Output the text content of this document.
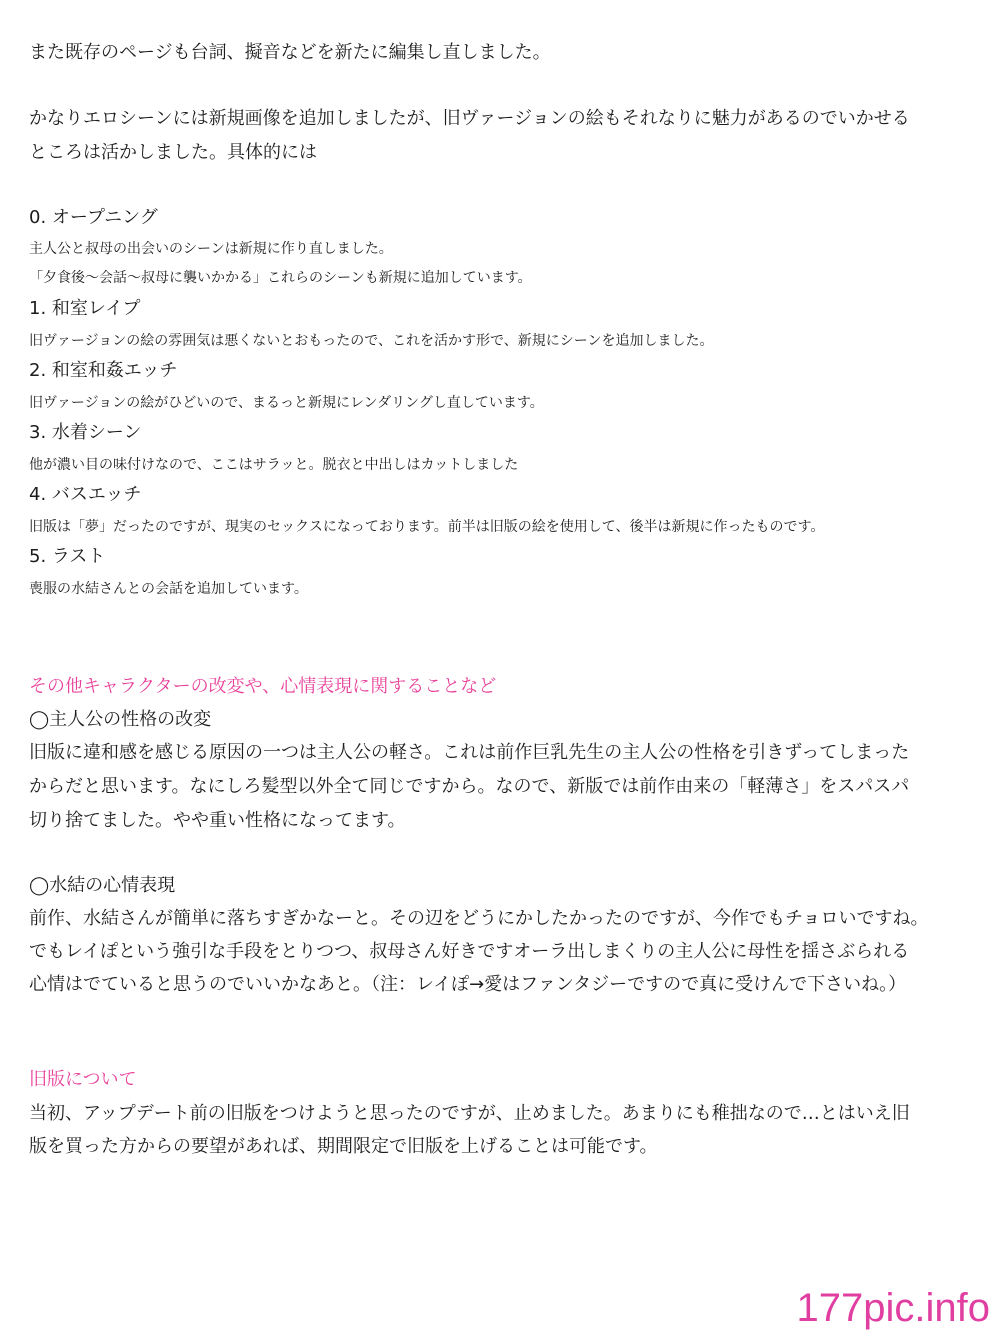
また既存のページも台詞、擬音などを新たに編集し直しました。
かなりエロシーンには新規画像を追加しましたが、旧ヴァージョンの絵もそれなりに魅力があるのでいかせる
ところは活かしました。具体的には
0. オープニング
主人公と叔母の出会いのシーンは新規に作り直しました。
「夕食後〜会話〜叔母に襲いかかる」これらのシーンも新規に追加しています。
1. 和室レイプ
旧ヴァージョンの絵の雰囲気は悪くないとおもったので、これを活かす形で、新規にシーンを追加しました。
2. 和室和姦エッチ
旧ヴァージョンの絵がひどいので、まるっと新規にレンダリングし直しています。
3. 水着シーン
他が濃い目の味付けなので、ここはサラッと。脱衣と中出しはカットしました
4. バスエッチ
旧版は「夢」だったのですが、現実のセックスになっております。前半は旧版の絵を使用して、後半は新規に作ったものです。
5. ラスト
喪服の水結さんとの会話を追加しています。
その他キャラクターの改変や、心情表現に関することなど
◯主人公の性格の改変
旧版に違和感を感じる原因の一つは主人公の軽さ。これは前作巨乳先生の主人公の性格を引きずってしまった
からだと思います。なにしろ髪型以外全て同じですから。なので、新版では前作由来の「軽薄さ」をスパスパ
切り捨てました。やや重い性格になってます。
◯水結の心情表現
前作、水結さんが簡単に落ちすぎかなーと。その辺をどうにかしたかったのですが、今作でもチョロいですね。
でもレイぽという強引な手段をとりつつ、叔母さん好きですオーラ出しまくりの主人公に母性を揺さぶられる
心情はでていると思うのでいいかなあと。（注：レイぽ→愛はファンタジーですので真に受けんで下さいね。）
旧版について
当初、アップデート前の旧版をつけようと思ったのですが、止めました。あまりにも稚拙なので…とはいえ旧
版を買った方からの要望があれば、期間限定で旧版を上げることは可能です。
177pic.info
